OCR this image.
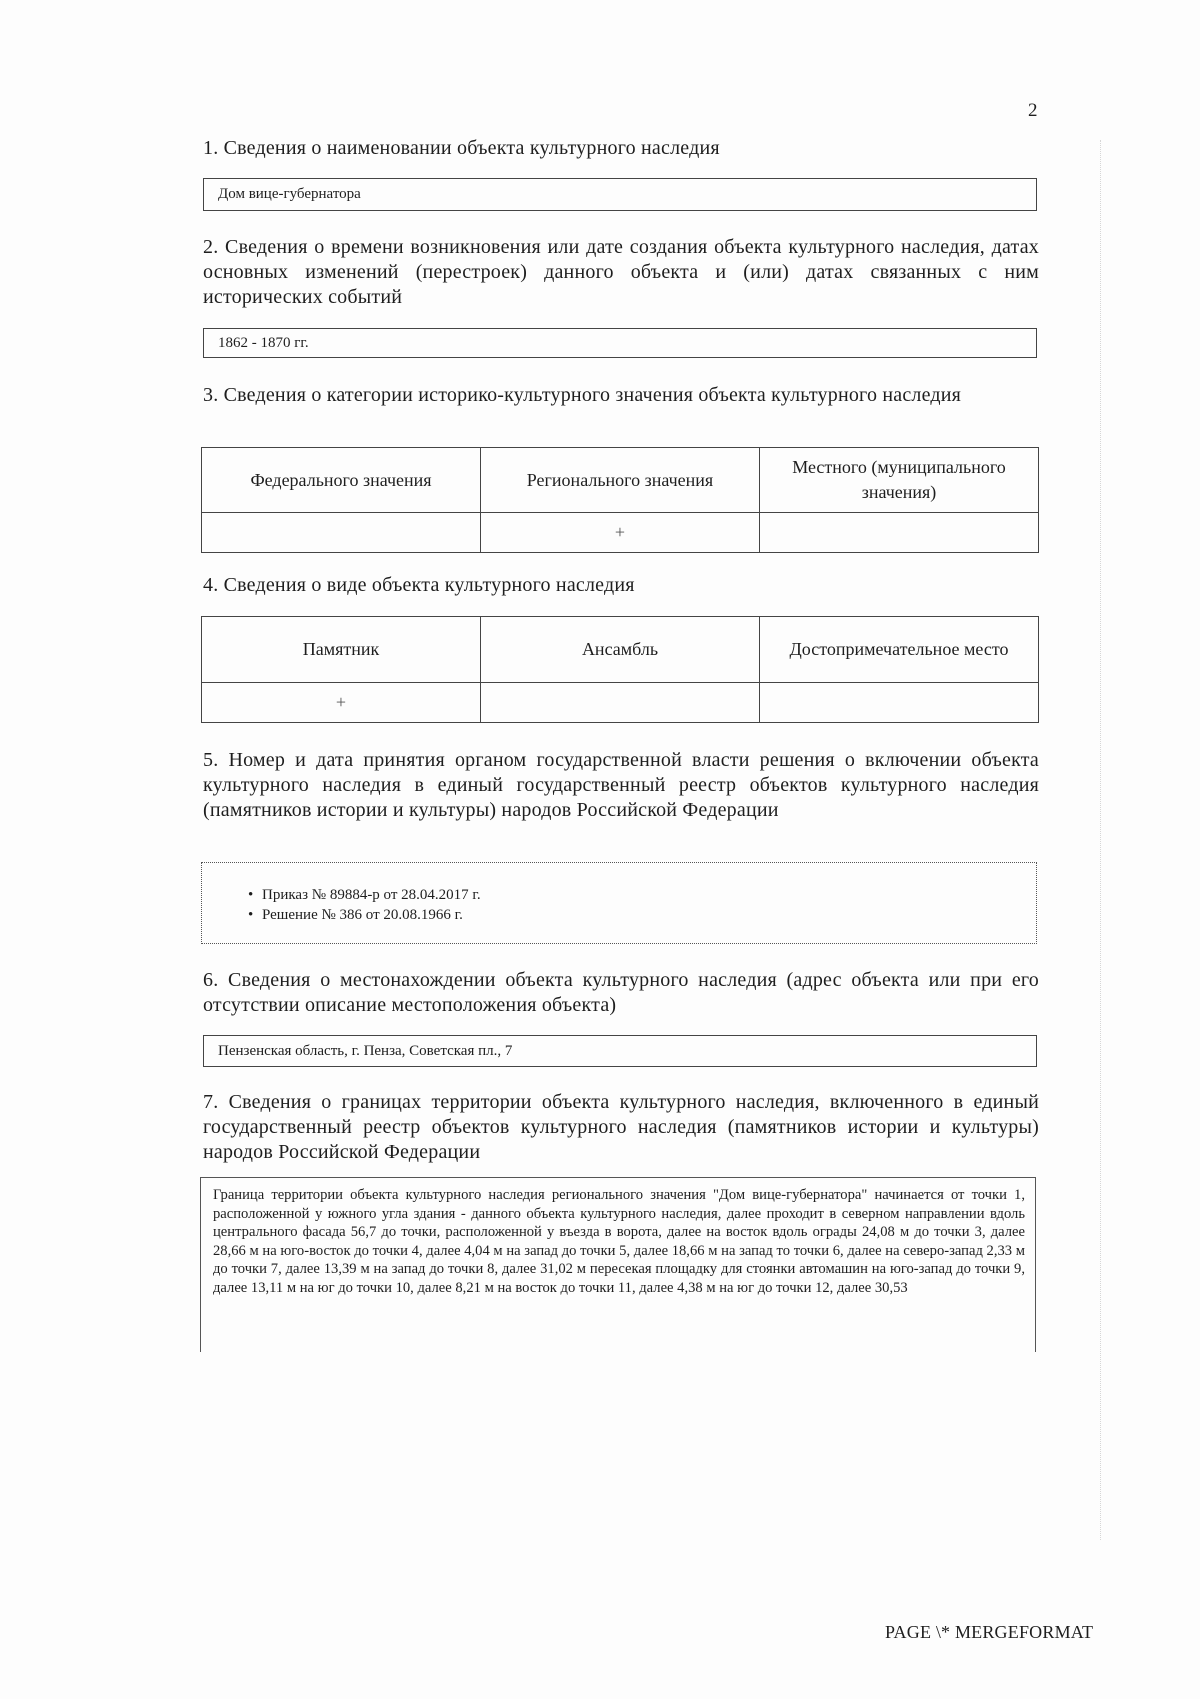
2
1. Сведения о наименовании объекта культурного наследия
Дом вице-губернатора
2. Сведения о времени возникновения или дате создания объекта культурного наследия, датах основных изменений (перестроек) данного объекта и (или) датах связанных с ним исторических событий
1862 - 1870 гг.
3. Сведения о категории историко-культурного значения объекта культурного наследия
Федерального значения	Регионального значения	Местного (муниципального значения)
	+	
4. Сведения о виде объекта культурного наследия
Памятник	Ансамбль	Достопримечательное место
+		
5. Номер и дата принятия органом государственной власти решения о включении объекта культурного наследия в единый государственный реестр объектов культурного наследия (памятников истории и культуры) народов Российской Федерации
• Приказ № 89884-р от 28.04.2017 г.
• Решение № 386 от 20.08.1966 г.
6. Сведения о местонахождении объекта культурного наследия (адрес объекта или при его отсутствии описание местоположения объекта)
Пензенская область, г. Пенза, Советская пл., 7
7. Сведения о границах территории объекта культурного наследия, включенного в единый государственный реестр объектов культурного наследия (памятников истории и культуры) народов Российской Федерации
Граница территории объекта культурного наследия регионального значения "Дом вице-губернатора" начинается от точки 1, расположенной у южного угла здания - данного объекта культурного наследия, далее проходит в северном направлении вдоль центрального фасада 56,7 до точки, расположенной у въезда в ворота, далее на восток вдоль ограды 24,08 м до точки 3, далее 28,66 м на юго-восток до точки 4, далее 4,04 м на запад до точки 5, далее 18,66 м на запад то точки 6, далее на северо-запад 2,33 м до точки 7, далее 13,39 м на запад до точки 8, далее 31,02 м пересекая площадку для стоянки автомашин на юго-запад до точки 9, далее 13,11 м на юг до точки 10, далее 8,21 м на восток до точки 11, далее 4,38 м на юг до точки 12, далее 30,53
PAGE \* MERGEFORMAT
